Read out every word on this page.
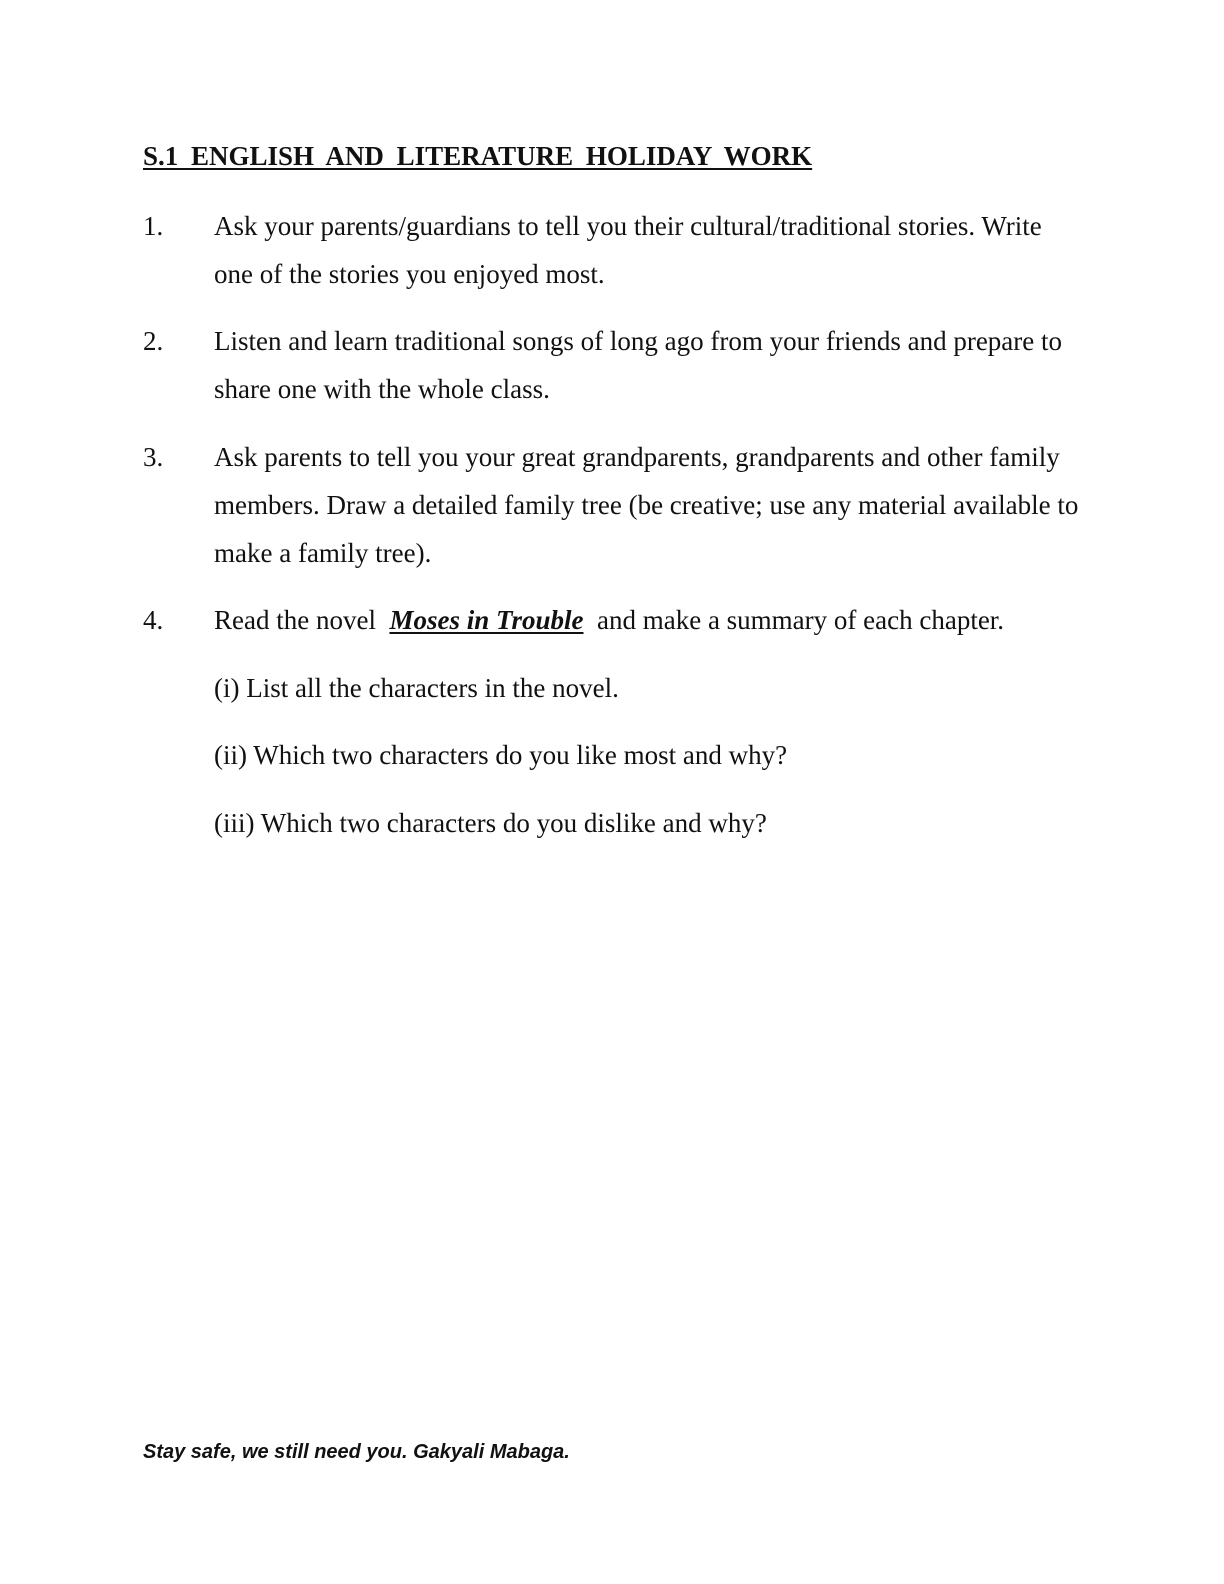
S.1 ENGLISH AND LITERATURE HOLIDAY WORK
1. Ask your parents/guardians to tell you their cultural/traditional stories. Write one of the stories you enjoyed most.
2. Listen and learn traditional songs of long ago from your friends and prepare to share one with the whole class.
3. Ask parents to tell you your great grandparents, grandparents and other family members. Draw a detailed family tree (be creative; use any material available to make a family tree).
4. Read the novel  Moses in Trouble  and make a summary of each chapter.
(i) List all the characters in the novel.
(ii) Which two characters do you like most and why?
(iii) Which two characters do you dislike and why?
Stay safe, we still need you. Gakyali Mabaga.
